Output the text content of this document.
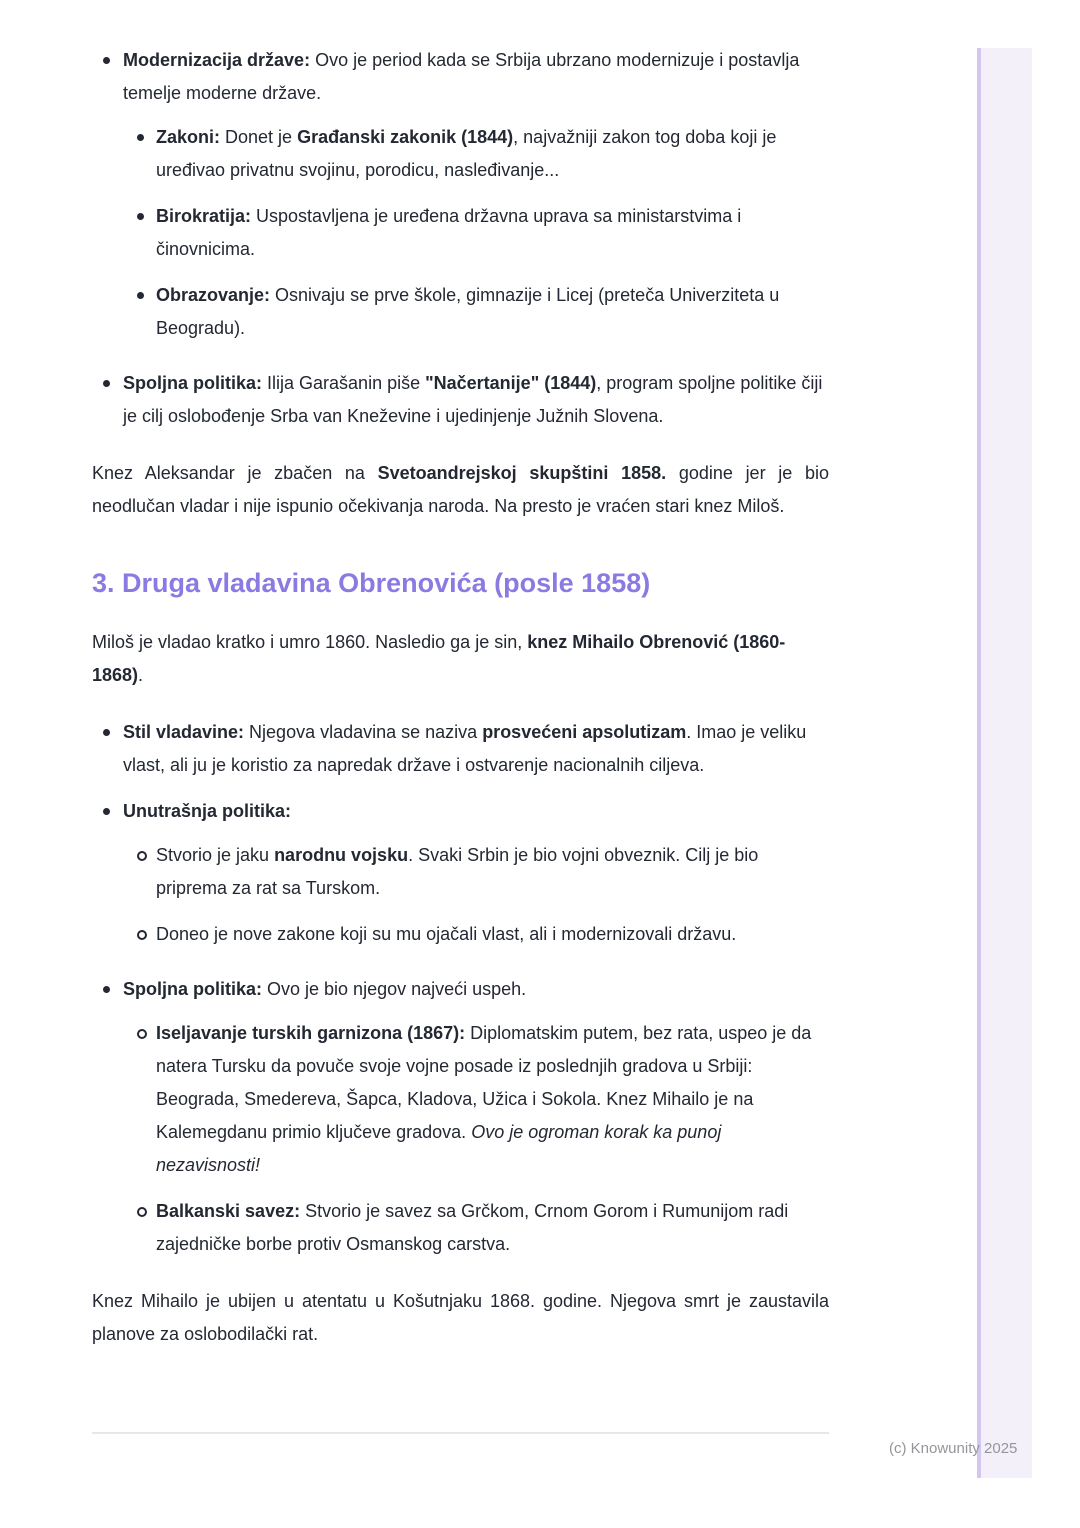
Modernizacija države: Ovo je period kada se Srbija ubrzano modernizuje i postavlja temelje moderne države.
Zakoni: Donet je Građanski zakonik (1844), najvažniji zakon tog doba koji je uređivao privatnu svojinu, porodicu, nasleđivanje...
Birokratija: Uspostavljena je uređena državna uprava sa ministarstvima i činovnicima.
Obrazovanje: Osnivaju se prve škole, gimnazije i Licej (preteča Univerziteta u Beogradu).
Spoljna politika: Ilija Garašanin piše "Načertanije" (1844), program spoljne politike čiji je cilj oslobođenje Srba van Kneževine i ujedinjenje Južnih Slovena.

Knez Aleksandar je zbačen na Svetoandrejskoj skupštini 1858. godine jer je bio neodlučan vladar i nije ispunio očekivanja naroda. Na presto je vraćen stari knez Miloš.

3. Druga vladavina Obrenovića (posle 1858)

Miloš je vladao kratko i umro 1860. Nasledio ga je sin, knez Mihailo Obrenović (1860-1868).

Stil vladavine: Njegova vladavina se naziva prosvećeni apsolutizam. Imao je veliku vlast, ali ju je koristio za napredak države i ostvarenje nacionalnih ciljeva.
Unutrašnja politika:
Stvorio je jaku narodnu vojsku. Svaki Srbin je bio vojni obveznik. Cilj je bio priprema za rat sa Turskom.
Doneo je nove zakone koji su mu ojačali vlast, ali i modernizovali državu.
Spoljna politika: Ovo je bio njegov najveći uspeh.
Iseljavanje turskih garnizona (1867): Diplomatskim putem, bez rata, uspeo je da natera Tursku da povuče svoje vojne posade iz poslednjih gradova u Srbiji: Beograda, Smedereva, Šapca, Kladova, Užica i Sokola. Knez Mihailo je na Kalemegdanu primio ključeve gradova. Ovo je ogroman korak ka punoj nezavisnosti!
Balkanski savez: Stvorio je savez sa Grčkom, Crnom Gorom i Rumunijom radi zajedničke borbe protiv Osmanskog carstva.

Knez Mihailo je ubijen u atentatu u Košutnjaku 1868. godine. Njegova smrt je zaustavila planove za oslobodilački rat.

(c) Knowunity 2025
